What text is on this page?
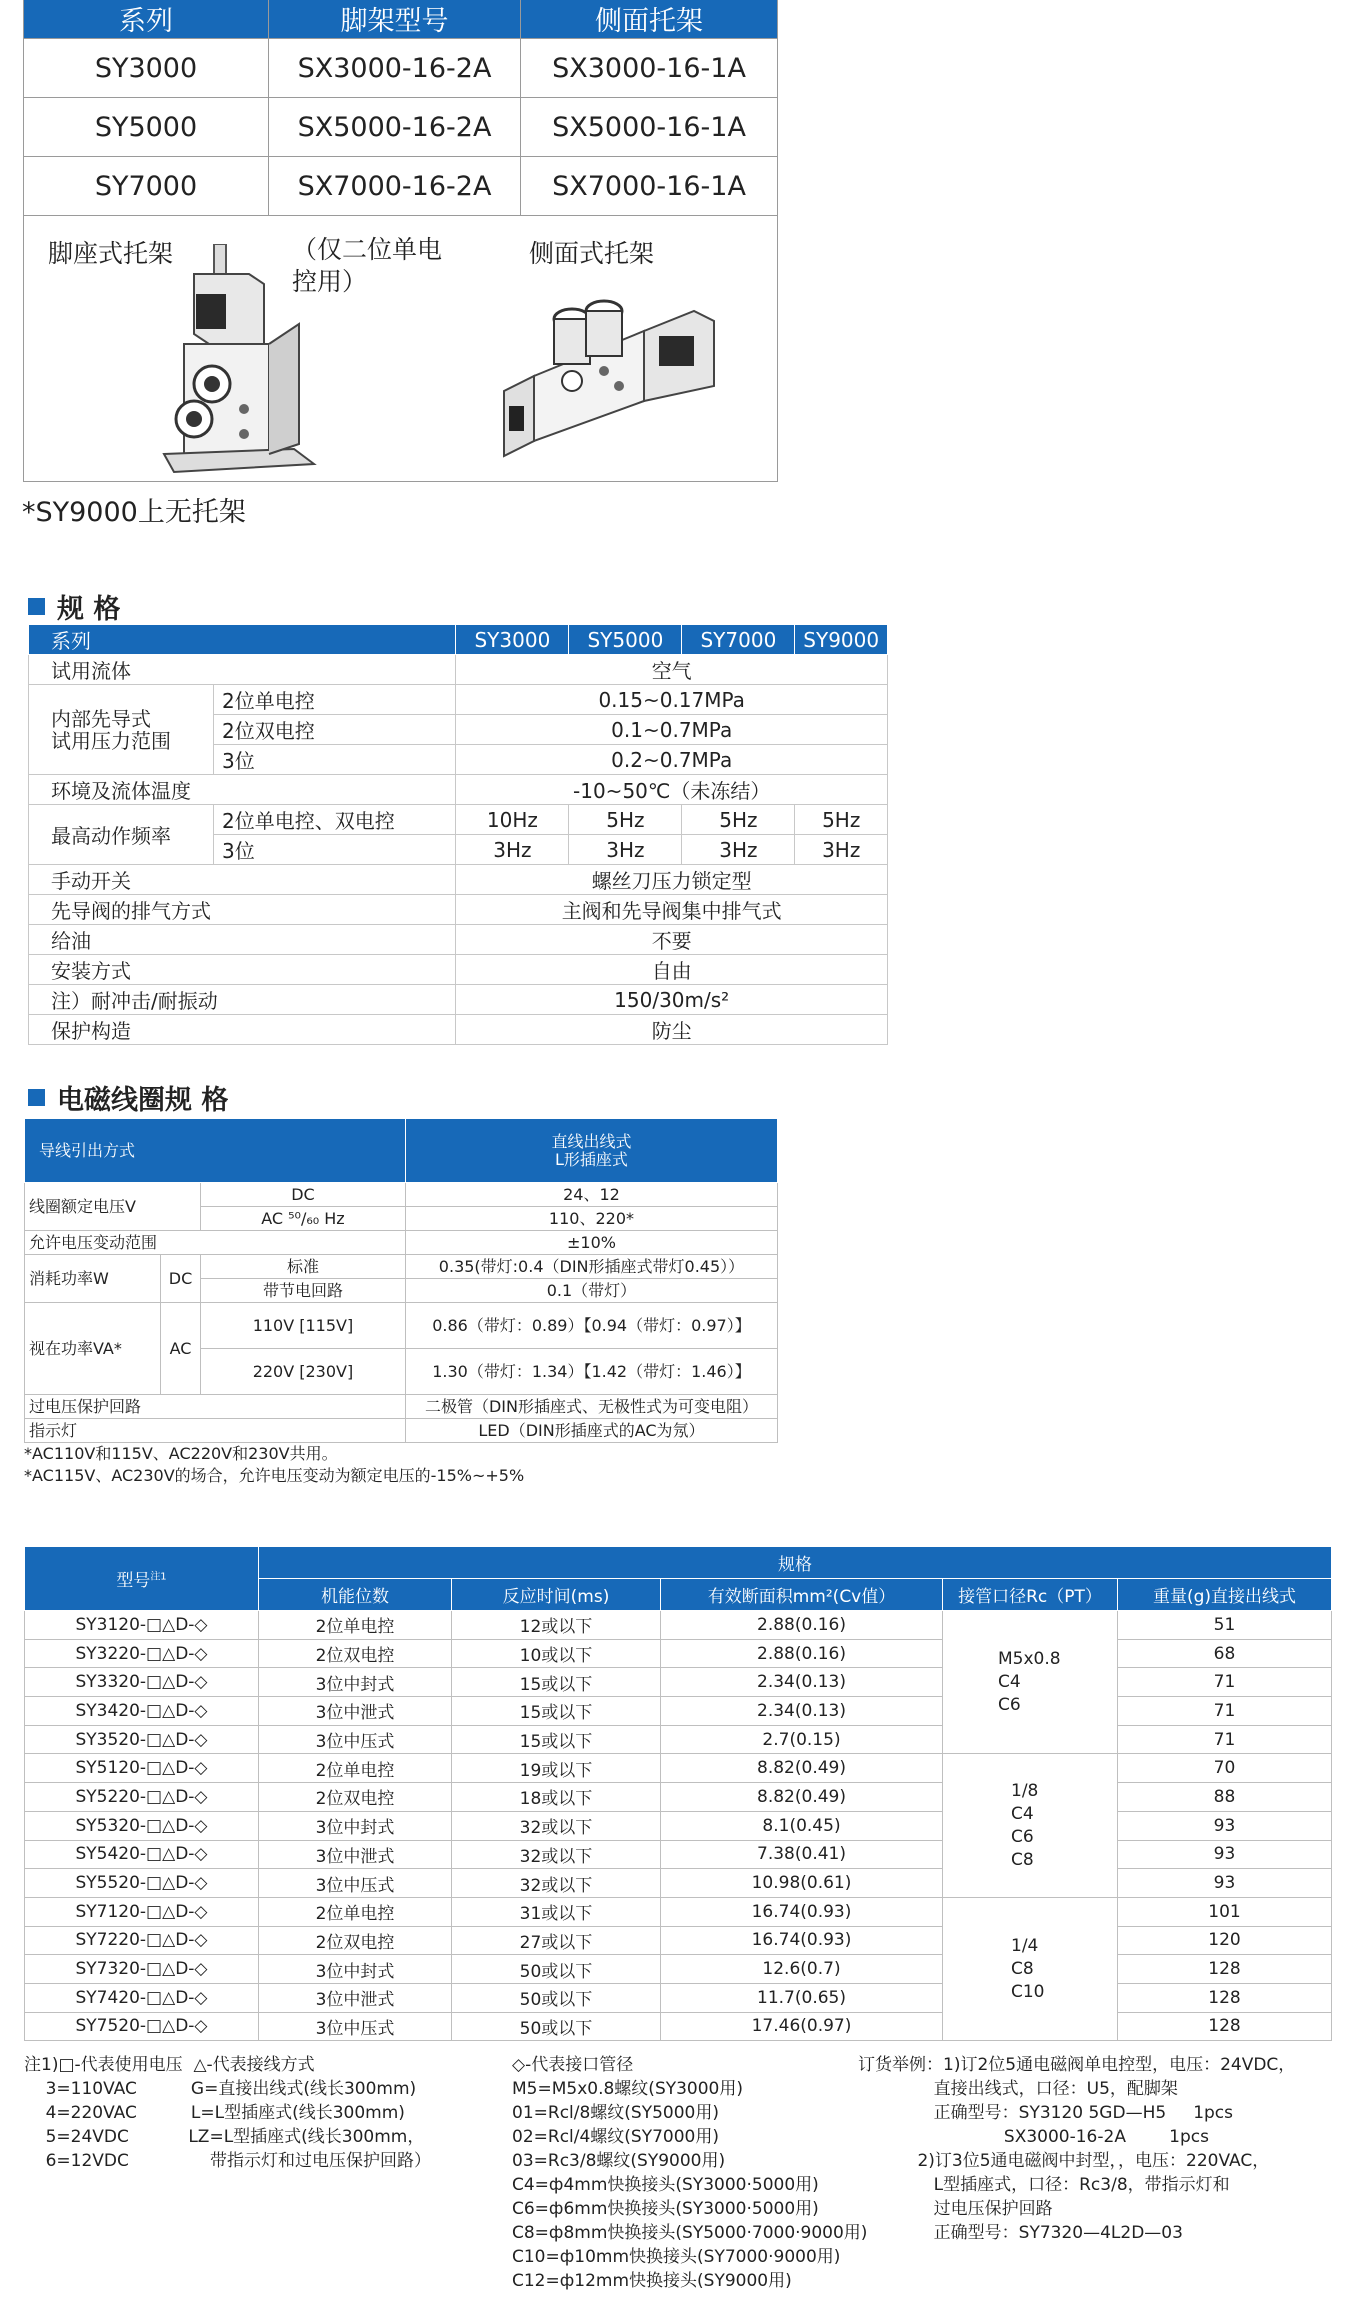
系列	脚架型号	侧面托架
SY3000	SX3000-16-2A	SX3000-16-1A
SY5000	SX5000-16-2A	SX5000-16-1A
SY7000	SX7000-16-2A	SX7000-16-1A

脚座式托架 （仅二位单电
控用）
侧面式托架		
*SY9000上无托架
规 格
系列		SY3000	SY5000	SY7000	SY9000
试用流体		空气			
内部先导式
试用压力范围	2位单电控	0.15~0.17MPa			
	2位双电控	0.1~0.7MPa			
	3位	0.2~0.7MPa			
环境及流体温度		-10~50℃（未冻结）			
最高动作频率	2位单电控、双电控	10Hz	5Hz	5Hz	5Hz
	3位	3Hz	3Hz	3Hz	3Hz
手动开关		螺丝刀压力锁定型			
先导阀的排气方式		主阀和先导阀集中排气式			
给油		不要			
安装方式		自由			
注）耐冲击/耐振动		150/30m/s²			
保护构造		防尘			
电磁线圈规 格
导线引出方式			直线出线式
L形插座式
线圈额定电压V		DC	24、12
		AC ⁵⁰/₆₀ Hz	110、220*
允许电压变动范围			±10%
消耗功率W	DC	标准	0.35(带灯:0.4（DIN形插座式带灯0.45））
		带节电回路	0.1（带灯）
视在功率VA*	AC	110V [115V]	0.86（带灯：0.89）【0.94（带灯：0.97）】
		220V [230V]	1.30（带灯：1.34）【1.42（带灯：1.46）】
过电压保护回路			二极管（DIN形插座式、无极性式为可变电阻）
指示灯			LED（DIN形插座式的AC为氖）
*AC110V和115V、AC220V和230V共用。
*AC115V、AC230V的场合，允许电压变动为额定电压的-15%~+5%
型号$^{注1}$	规格				
	机能位数	反应时间(ms)	有效断面积mm²(Cv值）	接管口径Rc（PT）	重量(g)直接出线式
SY3120-□△D-◇	2位单电控	12或以下	2.88(0.16)	M5x0.8
C4
C6	51
SY3220-□△D-◇	2位双电控	10或以下	2.88(0.16)		68
SY3320-□△D-◇	3位中封式	15或以下	2.34(0.13)		71
SY3420-□△D-◇	3位中泄式	15或以下	2.34(0.13)		71
SY3520-□△D-◇	3位中压式	15或以下	2.7(0.15)		71
SY5120-□△D-◇	2位单电控	19或以下	8.82(0.49)	1/8
C4
C6
C8	70
SY5220-□△D-◇	2位双电控	18或以下	8.82(0.49)		88
SY5320-□△D-◇	3位中封式	32或以下	8.1(0.45)		93
SY5420-□△D-◇	3位中泄式	32或以下	7.38(0.41)		93
SY5520-□△D-◇	3位中压式	32或以下	10.98(0.61)		93
SY7120-□△D-◇	2位单电控	31或以下	16.74(0.93)	1/4
C8
C10	101
SY7220-□△D-◇	2位双电控	27或以下	16.74(0.93)		120
SY7320-□△D-◇	3位中封式	50或以下	12.6(0.7)		128
SY7420-□△D-◇	3位中泄式	50或以下	11.7(0.65)		128
SY7520-□△D-◇	3位中压式	50或以下	17.46(0.97)		128
注1)□-代表使用电压  △-代表接线方式
3=110VAC          G=直接出线式(线长300mm)
4=220VAC          L=L型插座式(线长300mm)
5=24VDC           LZ=L型插座式(线长300mm，
6=12VDC               带指示灯和过电压保护回路）
◇-代表接口管径
M5=M5x0.8螺纹(SY3000用)
01=Rcl/8螺纹(SY5000用)
02=Rcl/4螺纹(SY7000用)
03=Rc3/8螺纹(SY9000用)
C4=ф4mm快换接头(SY3000·5000用)
C6=ф6mm快换接头(SY3000·5000用)
C8=ф8mm快换接头(SY5000·7000·9000用)
C10=ф10mm快换接头(SY7000·9000用)
C12=ф12mm快换接头(SY9000用)
订货举例：1)订2位5通电磁阀单电控型，电压：24VDC，
直接出线式，口径：U5，配脚架
正确型号：SY3120 5GD—H5     1pcs
SX3000-16-2A        1pcs
2)订3位5通电磁阀中封型，，电压：220VAC，
L型插座式，口径：Rc3/8，带指示灯和
过电压保护回路
正确型号：SY7320—4L2D—03
